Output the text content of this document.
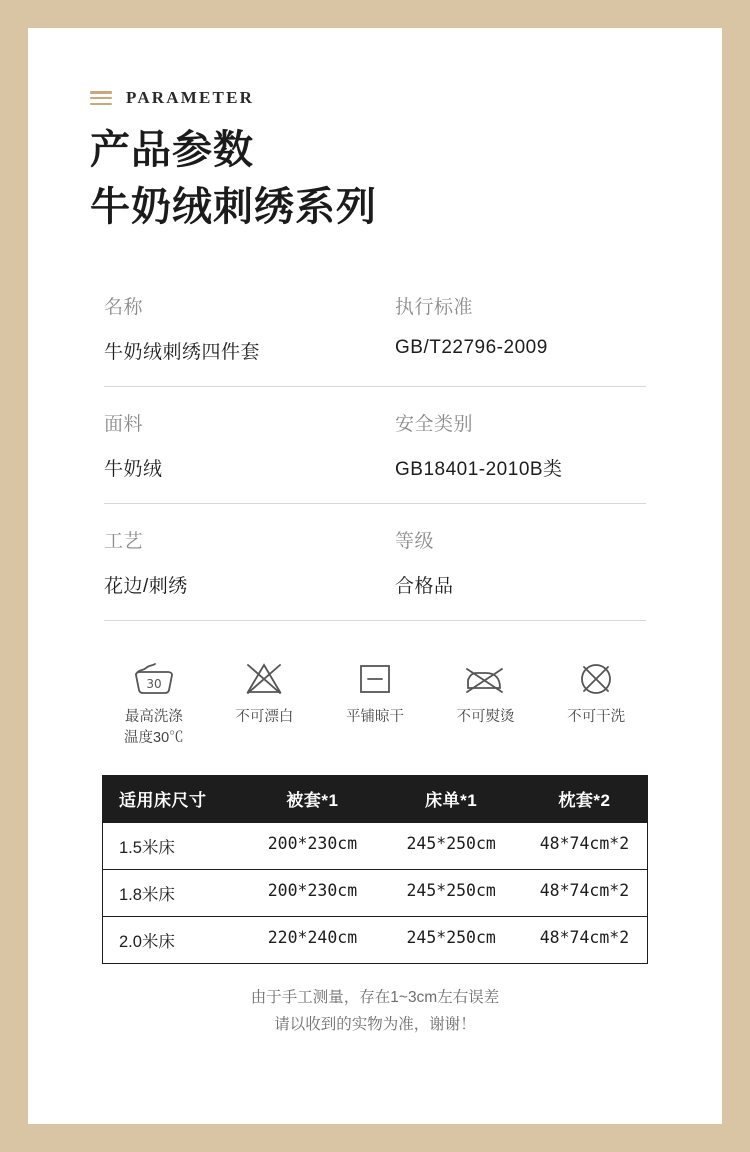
PARAMETER
产品参数
牛奶绒刺绣系列
名称
牛奶绒刺绣四件套
执行标准
GB/T22796-2009
面料
牛奶绒
安全类别
GB18401-2010B类
工艺
花边/刺绣
等级
合格品
30
最高洗涤
温度30℃
不可漂白	平铺晾干	不可熨烫	不可干洗
适用床尺寸	被套*1	床单*1	枕套*2
1.5米床	200*230cm	245*250cm	48*74cm*2
1.8米床	200*230cm	245*250cm	48*74cm*2
2.0米床	220*240cm	245*250cm	48*74cm*2
由于手工测量，存在1~3cm左右误差
请以收到的实物为准，谢谢！
